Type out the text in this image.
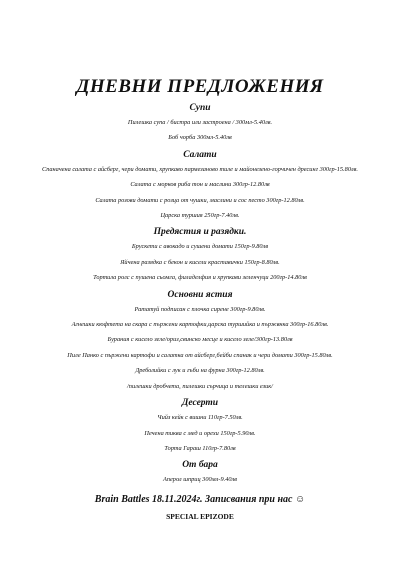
ДНЕВНИ ПРЕДЛОЖЕНИЯ
Супи
Пилешка супа / бистра или застроена / 300мл-5.40лв.
Боб чорба 300мл-5.40лв
Салати
Спаначена салата с айсберг, чери домати, хрупкаво пармезаново тиле и майонезено-горчичен дресинг 300гр-15.80лв.
Салата с морков риба тон и маслини 300гр-12.80лв
Салата розови домати с розца от чушки, маслини и сос песто 300гр-12.80лв.
Царска туршия 250гр-7.40лв.
Предястия и разядки.
Брускети с авокадо и сушени домати 150гр-9.80лв
Яйчена разядка с бекон и кисели краставички 150гр-8.80лв.
Тортила ролс с пушена сьомга, филаделфия и хрупкави зеленчуци 200гр-14.80лв
Основни ястия
Рататуй подписан с плочка сирене 300гр-9.80лв.
Агнешки кюфтета на скара с пържени картофки,царска туршийка и пържвнка 300гр-16.80лв.
Бурания с кисело зеле/ориз,свинско месце и кисело зеле/300гр-13.80лв
Пиле Панко с пържени картофи и салатка от айсберг,бейби спанак и чери домати 300гр-15.80лв.
Дреболийки с лук и гъби на фурна 300гр-12.80лв.
/пилешки дробчета, пилешки сърчица и телешки език/
Десерти
Чийз кейк с вишни 110гр-7.50лв.
Печена тиква с мед и орехи 150гр-5.90лв.
Торта Гараш 110гр-7.80лв
От бара
Аперол шприц 300мл-9.40лв
Brain Battles 18.11.2024г. Записвания при нас ☺
SPECIAL EPIZODE
